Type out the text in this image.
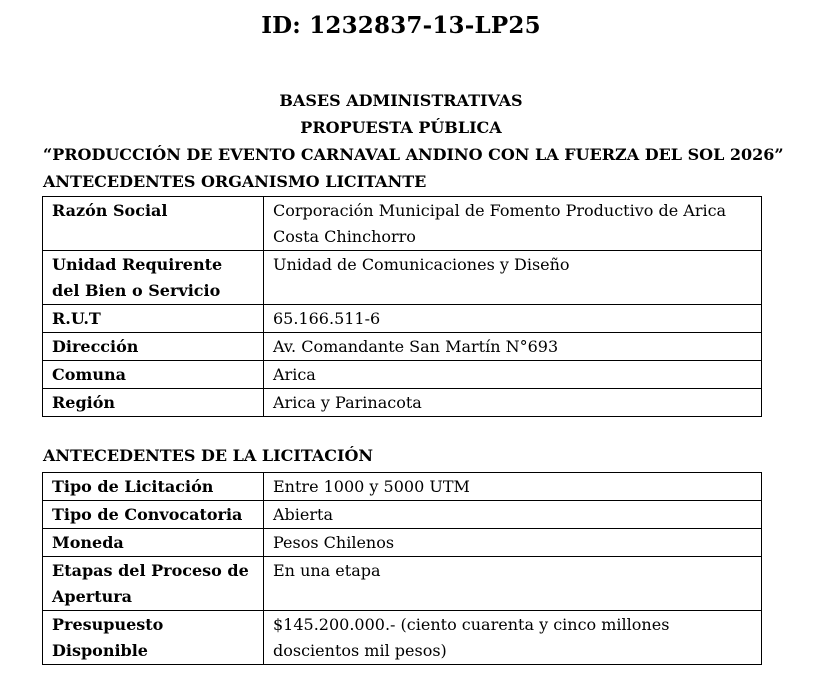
ID: 1232837-13-LP25
BASES ADMINISTRATIVAS
PROPUESTA PÚBLICA
“PRODUCCIÓN DE EVENTO CARNAVAL ANDINO CON LA FUERZA DEL SOL 2026”
ANTECEDENTES ORGANISMO LICITANTE
Razón Social	Corporación Municipal de Fomento Productivo de Arica Costa Chinchorro
Unidad Requirente del Bien o Servicio	Unidad de Comunicaciones y Diseño
R.U.T	65.166.511-6
Dirección	Av. Comandante San Martín N°693
Comuna	Arica
Región	Arica y Parinacota
ANTECEDENTES DE LA LICITACIÓN
Tipo de Licitación	Entre 1000 y 5000 UTM
Tipo de Convocatoria	Abierta
Moneda	Pesos Chilenos
Etapas del Proceso de Apertura	En una etapa
Presupuesto Disponible	$145.200.000.- (ciento cuarenta y cinco millones doscientos mil pesos)
